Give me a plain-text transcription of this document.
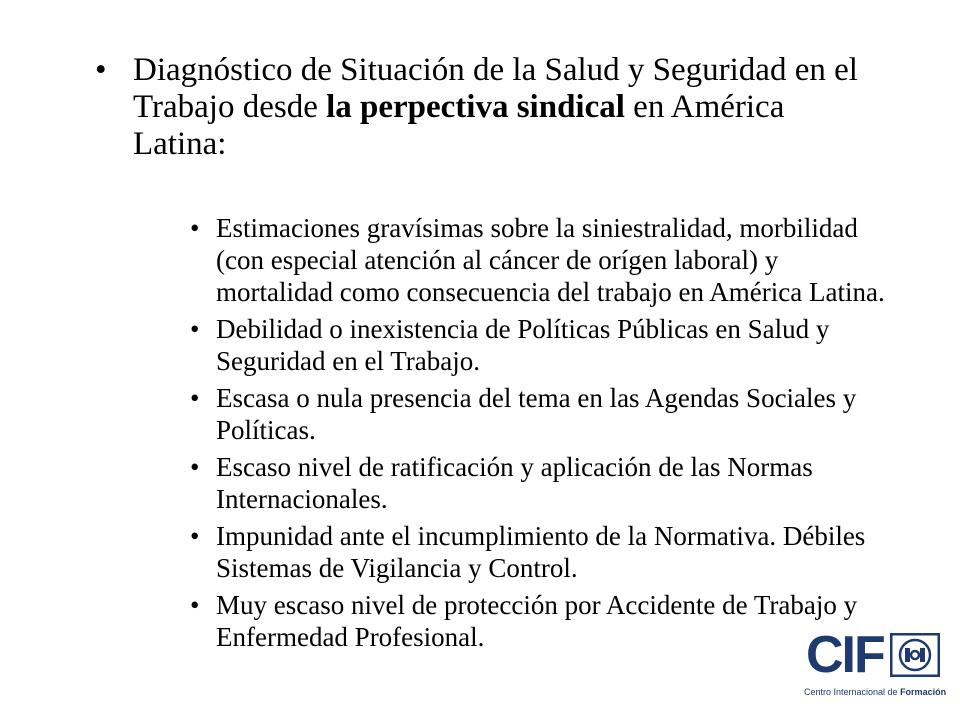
• Diagnóstico de Situación de la Salud y Seguridad en el Trabajo desde la perpectiva sindical en América Latina:
• Estimaciones gravísimas sobre la siniestralidad, morbilidad (con especial atención al cáncer de orígen laboral) y mortalidad como consecuencia del trabajo en América Latina.
• Debilidad o inexistencia de Políticas Públicas en Salud y Seguridad en el Trabajo.
• Escasa o nula presencia del tema en las Agendas Sociales y Políticas.
• Escaso nivel de ratificación y aplicación de las Normas Internacionales.
• Impunidad ante el incumplimiento de la Normativa. Débiles Sistemas de Vigilancia y Control.
• Muy escaso nivel de protección por Accidente de Trabajo y Enfermedad Profesional.	CIF
Centro Internacional de Formación
